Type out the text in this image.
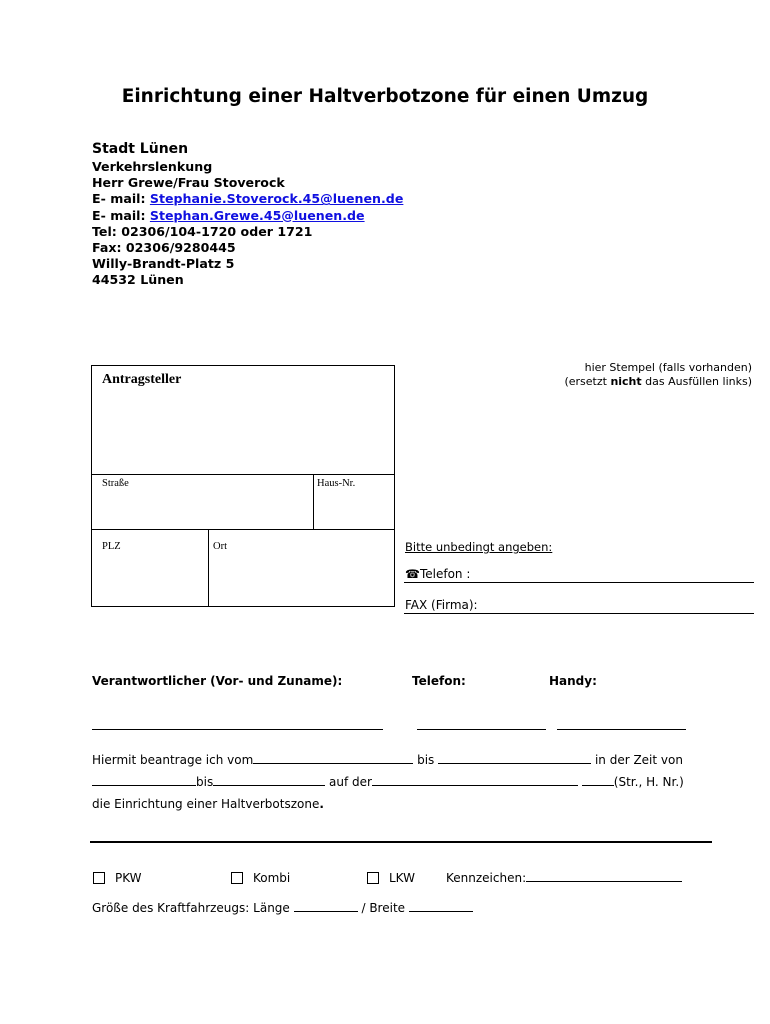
Einrichtung einer Haltverbotzone für einen Umzug
Stadt Lünen
Verkehrslenkung
Herr Grewe/Frau Stoverock
E- mail: Stephanie.Stoverock.45@luenen.de
E- mail: Stephan.Grewe.45@luenen.de
Tel: 02306/104-1720 oder 1721
Fax: 02306/9280445
Willy-Brandt-Platz 5
44532 Lünen
hier Stempel (falls vorhanden)
(ersetzt nicht das Ausfüllen links)
Antragsteller
Straße	Haus-Nr.
PLZ	Ort	Bitte unbedingt angeben:
☎Telefon :
FAX (Firma):
Verantwortlicher (Vor- und Zuname):	Telefon:	Handy:
Hiermit beantrage ich vom	bis	in der Zeit von
bis	auf der	(Str., H. Nr.)
die Einrichtung einer Haltverbotszone.
PKW	Kombi	LKW	Kennzeichen:
Größe des Kraftfahrzeugs: Länge	/ Breite
